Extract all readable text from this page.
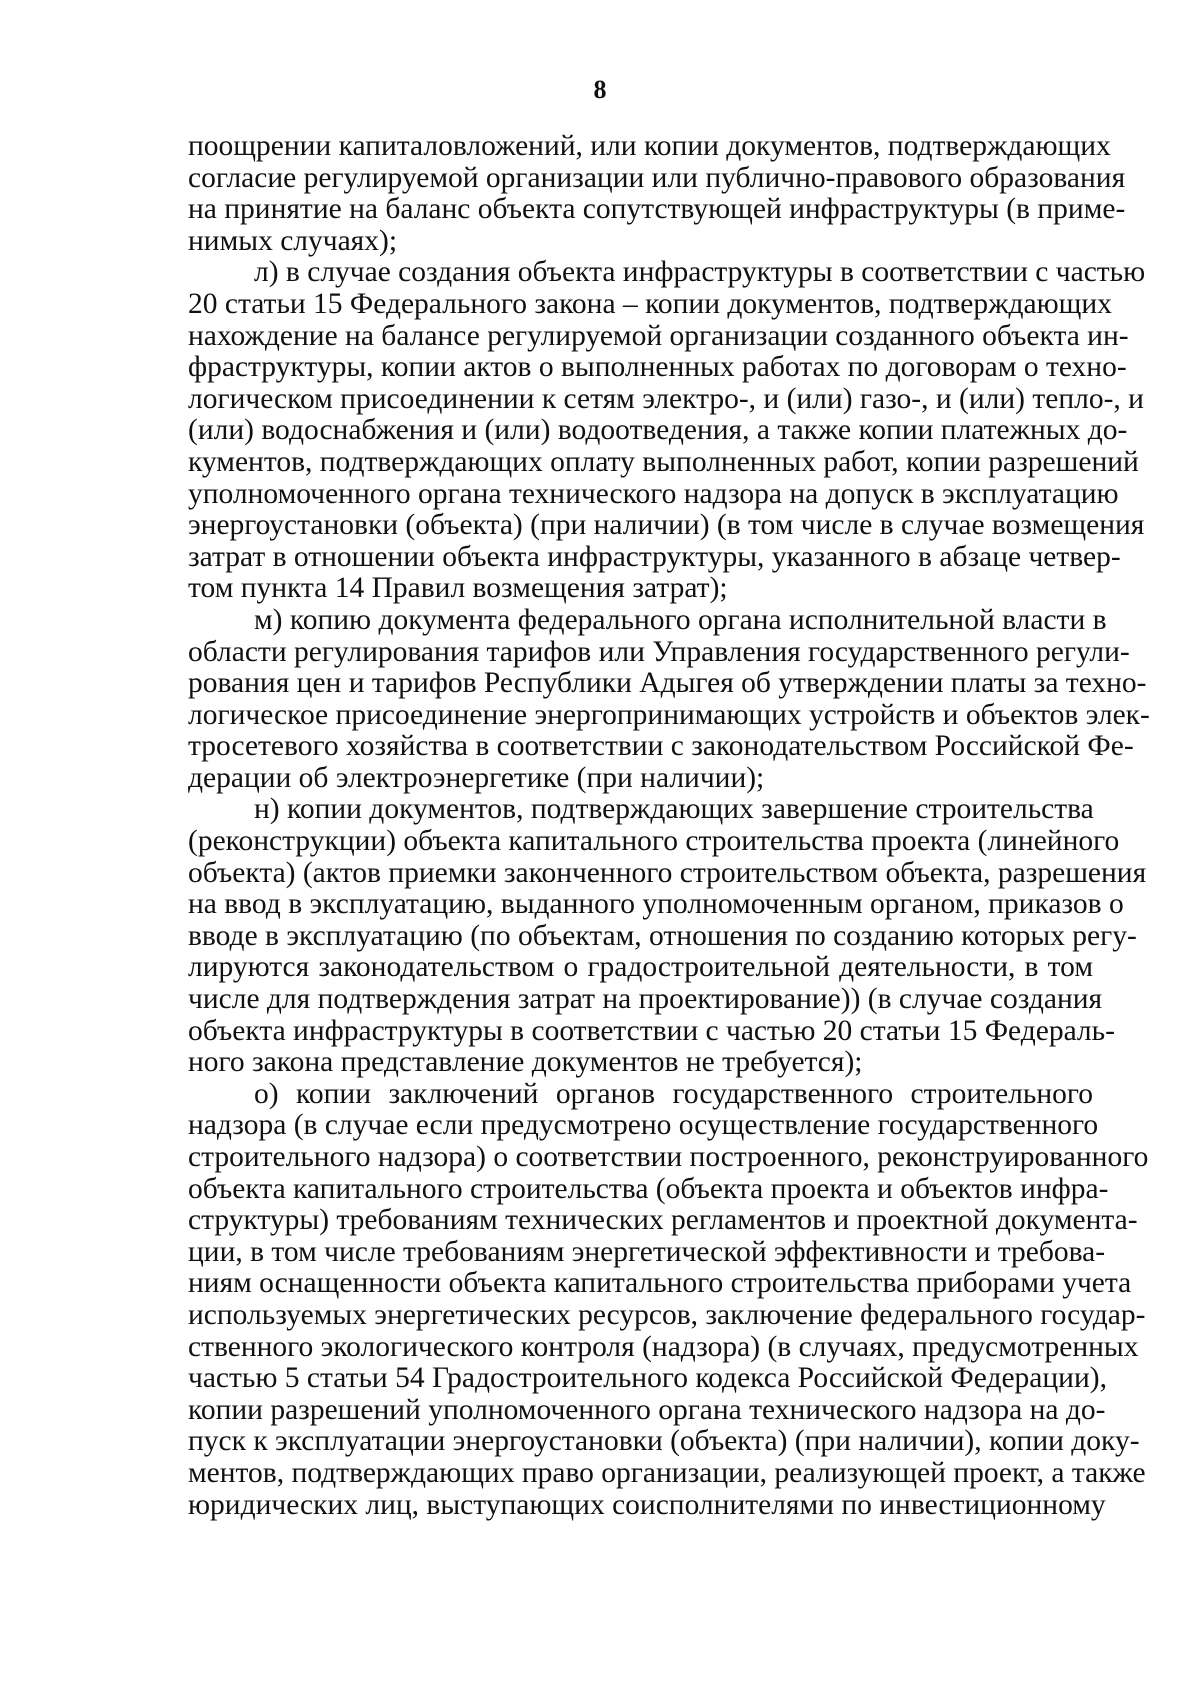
8
поощрении капиталовложений, или копии документов, подтверждающих
согласие регулируемой организации или публично-правового образования
на принятие на баланс объекта сопутствующей инфраструктуры (в приме-
нимых случаях);
л) в случае создания объекта инфраструктуры в соответствии с частью
20 статьи 15 Федерального закона – копии документов, подтверждающих
нахождение на балансе регулируемой организации созданного объекта ин-
фраструктуры, копии актов о выполненных работах по договорам о техно-
логическом присоединении к сетям электро-, и (или) газо-, и (или) тепло-, и
(или) водоснабжения и (или) водоотведения, а также копии платежных до-
кументов, подтверждающих оплату выполненных работ, копии разрешений
уполномоченного органа технического надзора на допуск в эксплуатацию
энергоустановки (объекта) (при наличии) (в том числе в случае возмещения
затрат в отношении объекта инфраструктуры, указанного в абзаце четвер-
том пункта 14 Правил возмещения затрат);
м) копию документа федерального органа исполнительной власти в
области регулирования тарифов или Управления государственного регули-
рования цен и тарифов Республики Адыгея об утверждении платы за техно-
логическое присоединение энергопринимающих устройств и объектов элек-
тросетевого хозяйства в соответствии с законодательством Российской Фе-
дерации об электроэнергетике (при наличии);
н) копии документов, подтверждающих завершение строительства
(реконструкции) объекта капитального строительства проекта (линейного
объекта) (актов приемки законченного строительством объекта, разрешения
на ввод в эксплуатацию, выданного уполномоченным органом, приказов о
вводе в эксплуатацию (по объектам, отношения по созданию которых регу-
лируются законодательством о градостроительной деятельности, в том
числе для подтверждения затрат на проектирование)) (в случае создания
объекта инфраструктуры в соответствии с частью 20 статьи 15 Федераль-
ного закона представление документов не требуется);
о) копии заключений органов государственного строительного
надзора (в случае если предусмотрено осуществление государственного
строительного надзора) о соответствии построенного, реконструированного
объекта капитального строительства (объекта проекта и объектов инфра-
структуры) требованиям технических регламентов и проектной документа-
ции, в том числе требованиям энергетической эффективности и требова-
ниям оснащенности объекта капитального строительства приборами учета
используемых энергетических ресурсов, заключение федерального государ-
ственного экологического контроля (надзора) (в случаях, предусмотренных
частью 5 статьи 54 Градостроительного кодекса Российской Федерации),
копии разрешений уполномоченного органа технического надзора на до-
пуск к эксплуатации энергоустановки (объекта) (при наличии), копии доку-
ментов, подтверждающих право организации, реализующей проект, а также
юридических лиц, выступающих соисполнителями по инвестиционному
